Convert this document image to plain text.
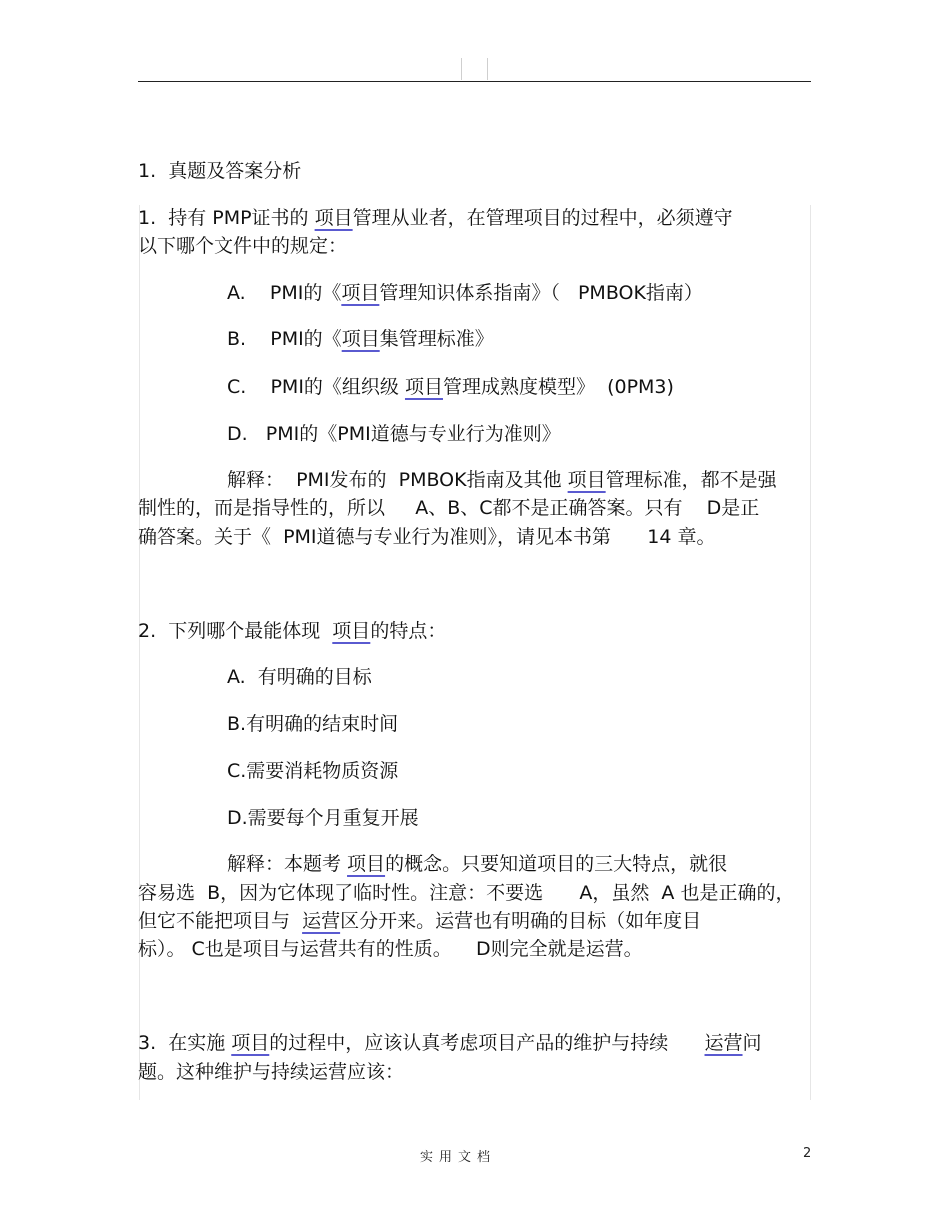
1.  真题及答案分析
1.  持有 PMP证书的 项目管理从业者，在管理项目的过程中，必须遵守
以下哪个文件中的规定：
A.    PMI的《项目管理知识体系指南》（   PMBOK指南）
B.    PMI的《项目集管理标准》
C.    PMI的《组织级 项目管理成熟度模型》  (0PM3)
D.   PMI的《PMI道德与专业行为准则》
解释：  PMI发布的  PMBOK指南及其他 项目管理标准，都不是强
制性的，而是指导性的，所以     A、B、C都不是正确答案。只有    D是正
确答案。关于《  PMI道德与专业行为准则》，请见本书第      14 章。
2.  下列哪个最能体现  项目的特点：
A.  有明确的目标
B.有明确的结束时间
C.需要消耗物质资源
D.需要每个月重复开展
解释：本题考 项目的概念。只要知道项目的三大特点，就很
容易选  B，因为它体现了临时性。注意：不要选      A，虽然  A 也是正确的，
但它不能把项目与  运营区分开来。运营也有明确的目标（如年度目
标）。 C也是项目与运营共有的性质。    D则完全就是运营。
3.  在实施 项目的过程中，应该认真考虑项目产品的维护与持续      运营问
题。这种维护与持续运营应该：
实用文档	2
